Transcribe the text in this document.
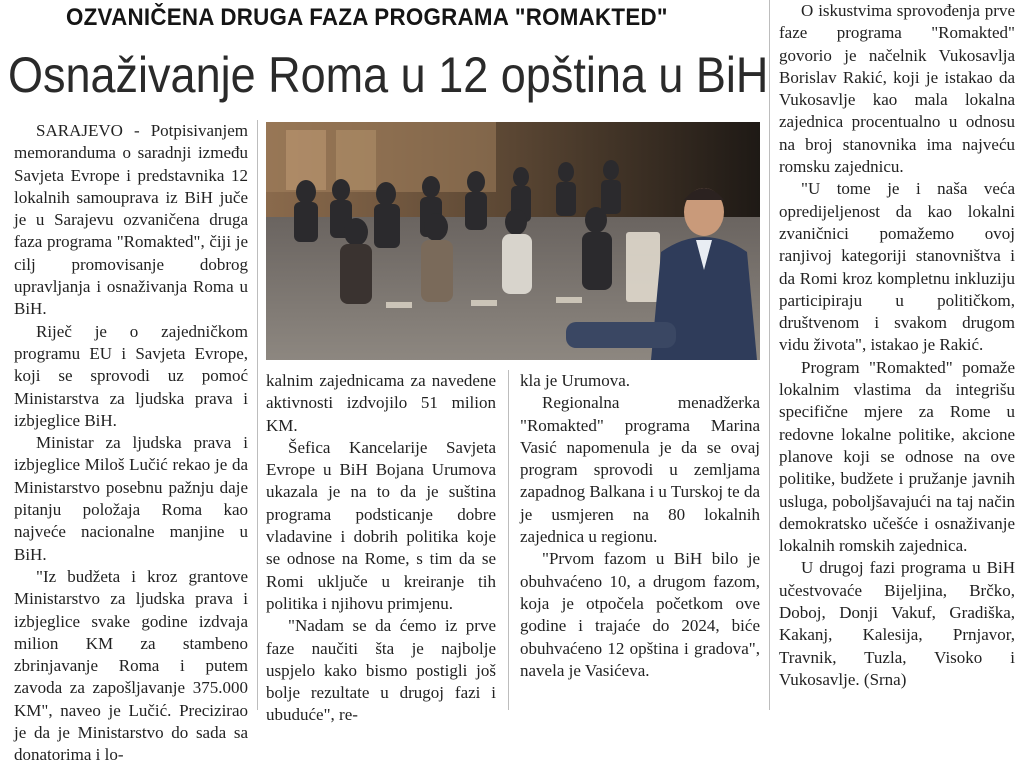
OZVANIČENA DRUGA FAZA PROGRAMA "ROMAKTED"
Osnaživanje Roma u 12 opština u BiH

SARAJEVO - Potpisivanjem memoranduma o saradnji između Savjeta Evrope i predstavnika 12 lokalnih samouprava iz BiH juče je u Sarajevu ozvaničena druga faza programa "Romakted", čiji je cilj promovisanje dobrog upravljanja i osnaživanja Roma u BiH.

Riječ je o zajedničkom programu EU i Savjeta Evrope, koji se sprovodi uz pomoć Ministarstva za ljudska prava i izbjeglice BiH.

Ministar za ljudska prava i izbjeglice Miloš Lučić rekao je da Ministarstvo posebnu pažnju daje pitanju položaja Roma kao najveće nacionalne manjine u BiH.

"Iz budžeta i kroz grantove Ministarstvo za ljudska prava i izbjeglice svake godine izdvaja milion KM za stambeno zbrinjavanje Roma i putem zavoda za zapošljavanje 375.000 KM", naveo je Lučić. Precizirao je da je Ministarstvo do sada sa donatorima i lo-

kalnim zajednicama za navedene aktivnosti izdvojilo 51 milion KM.

Šefica Kancelarije Savjeta Evrope u BiH Bojana Urumova ukazala je na to da je suština programa podsticanje dobre vladavine i dobrih politika koje se odnose na Rome, s tim da se Romi uključe u kreiranje tih politika i njihovu primjenu.

"Nadam se da ćemo iz prve faze naučiti šta je najbolje uspjelo kako bismo postigli još bolje rezultate u drugoj fazi i ubuduće", re-

kla je Urumova.

Regionalna menadžerka "Romakted" programa Marina Vasić napomenula je da se ovaj program sprovodi u zemljama zapadnog Balkana i u Turskoj te da je usmjeren na 80 lokalnih zajednica u regionu.

"Prvom fazom u BiH bilo je obuhvaćeno 10, a drugom fazom, koja je otpočela početkom ove godine i trajaće do 2024, biće obuhvaćeno 12 opština i gradova", navela je Vasićeva.

O iskustvima sprovođenja prve faze programa "Romakted" govorio je načelnik Vukosavlja Borislav Rakić, koji je istakao da Vukosavlje kao mala lokalna zajednica procentualno u odnosu na broj stanovnika ima najveću romsku zajednicu.

"U tome je i naša veća opredijeljenost da kao lokalni zvaničnici pomažemo ovoj ranjivoj kategoriji stanovništva i da Romi kroz kompletnu inkluziju participiraju u političkom, društvenom i svakom drugom vidu života", istakao je Rakić.

Program "Romakted" pomaže lokalnim vlastima da integrišu specifične mjere za Rome u redovne lokalne politike, akcione planove koji se odnose na ove politike, budžete i pružanje javnih usluga, poboljšavajući na taj način demokratsko učešće i osnaživanje lokalnih romskih zajednica.

U drugoj fazi programa u BiH učestvovaće Bijeljina, Brčko, Doboj, Donji Vakuf, Gradiška, Kakanj, Kalesija, Prnjavor, Travnik, Tuzla, Visoko i Vukosavlje. (Srna)
